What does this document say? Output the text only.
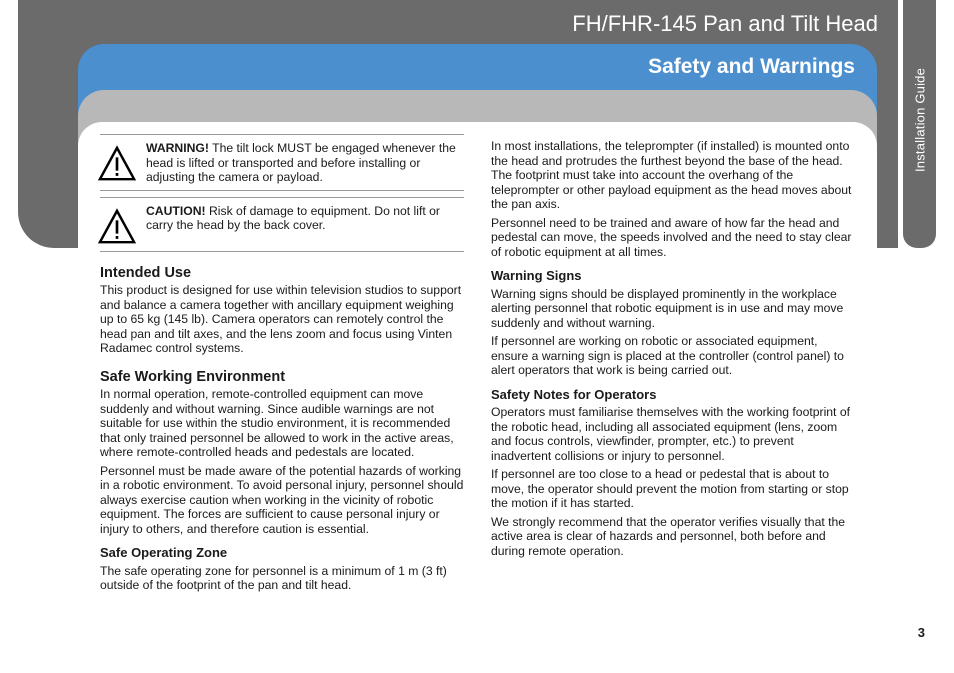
Installation Guide
FH/FHR-145 Pan and Tilt Head
Safety and Warnings

WARNING! The tilt lock MUST be engaged whenever the head is lifted or transported and before installing or adjusting the camera or payload.

CAUTION! Risk of damage to equipment. Do not lift or carry the head by the back cover.

Intended Use

This product is designed for use within television studios to support and balance a camera together with ancillary equipment weighing up to 65 kg (145 lb). Camera operators can remotely control the head pan and tilt axes, and the lens zoom and focus using Vinten Radamec control systems.

Safe Working Environment

In normal operation, remote-controlled equipment can move suddenly and without warning. Since audible warnings are not suitable for use within the studio environment, it is recommended that only trained personnel be allowed to work in the active areas, where remote-controlled heads and pedestals are located.

Personnel must be made aware of the potential hazards of working in a robotic environment. To avoid personal injury, personnel should always exercise caution when working in the vicinity of robotic equipment. The forces are sufficient to cause personal injury or injury to others, and therefore caution is essential.

Safe Operating Zone

The safe operating zone for personnel is a minimum of 1 m (3 ft) outside of the footprint of the pan and tilt head.

In most installations, the teleprompter (if installed) is mounted onto the head and protrudes the furthest beyond the base of the head. The footprint must take into account the overhang of the teleprompter or other payload equipment as the head moves about the pan axis.

Personnel need to be trained and aware of how far the head and pedestal can move, the speeds involved and the need to stay clear of robotic equipment at all times.

Warning Signs

Warning signs should be displayed prominently in the workplace alerting personnel that robotic equipment is in use and may move suddenly and without warning.

If personnel are working on robotic or associated equipment, ensure a warning sign is placed at the controller (control panel) to alert operators that work is being carried out.

Safety Notes for Operators

Operators must familiarise themselves with the working footprint of the robotic head, including all associated equipment (lens, zoom and focus controls, viewfinder, prompter, etc.) to prevent inadvertent collisions or injury to personnel.

If personnel are too close to a head or pedestal that is about to move, the operator should prevent the motion from starting or stop the motion if it has started.

We strongly recommend that the operator verifies visually that the active area is clear of hazards and personnel, both before and during remote operation.

3
